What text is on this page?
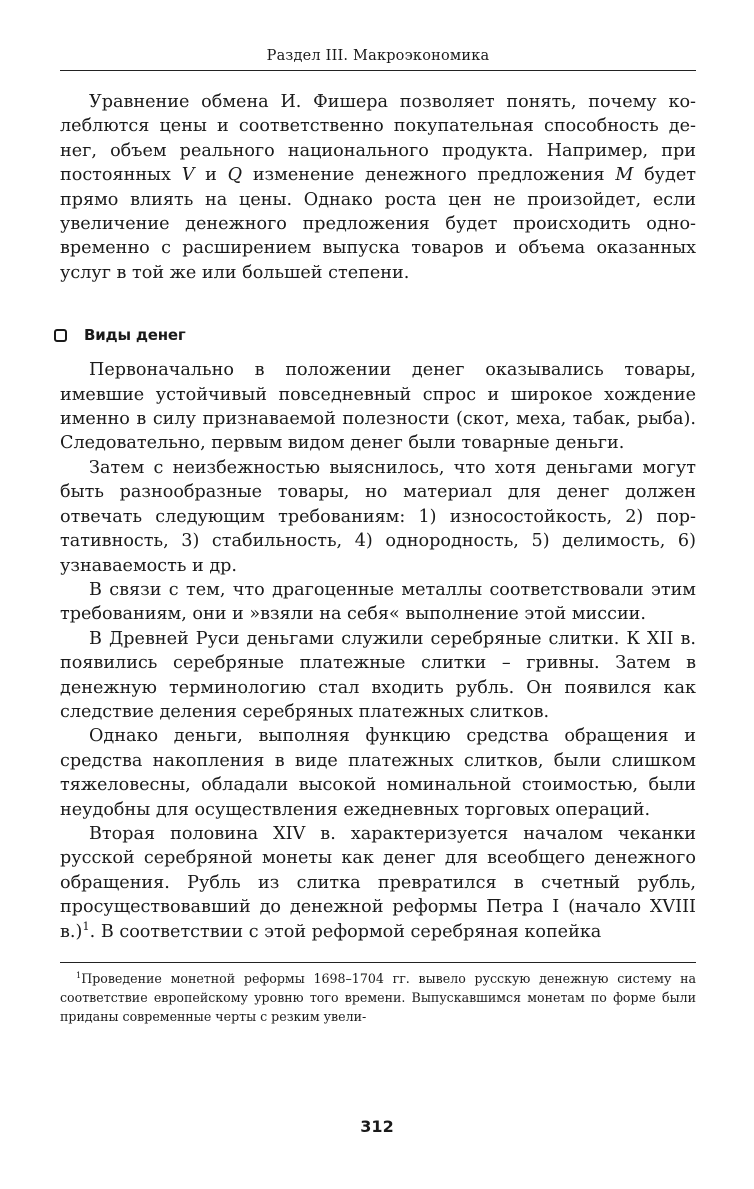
Раздел III. Макроэкономика

Уравнение обмена И. Фишера позволяет понять, почему колеблются цены и соответственно покупательная способность денег, объем реального национального продукта. Например, при постоянных V и Q изменение денежного предложения M будет прямо влиять на цены. Однако роста цен не произойдет, если увеличение денежного предложения будет происходить одновременно с расширением выпуска товаров и объема оказанных услуг в той же или большей степени.

Виды денег

Первоначально в положении денег оказывались товары, имевшие устойчивый повседневный спрос и широкое хождение именно в силу признаваемой полезности (скот, меха, табак, рыба). Следовательно, первым видом денег были товарные деньги.

Затем с неизбежностью выяснилось, что хотя деньгами могут быть разнообразные товары, но материал для денег должен отвечать следующим требованиям: 1) износостойкость, 2) портативность, 3) стабильность, 4) однородность, 5) делимость, 6) узнаваемость и др.

В связи с тем, что драгоценные металлы соответствовали этим требованиям, они и »взяли на себя« выполнение этой миссии.

В Древней Руси деньгами служили серебряные слитки. К XII в. появились серебряные платежные слитки – гривны. Затем в денежную терминологию стал входить рубль. Он появился как следствие деления серебряных платежных слитков.

Однако деньги, выполняя функцию средства обращения и средства накопления в виде платежных слитков, были слишком тяжеловесны, обладали высокой номинальной стоимостью, были неудобны для осуществления ежедневных торговых операций.

Вторая половина XIV в. характеризуется началом чеканки русской серебряной монеты как денег для всеобщего денежного обращения. Рубль из слитка превратился в счетный рубль, просуществовавший до денежной реформы Петра I (начало XVIII в.)$^1$. В соответствии с этой реформой серебряная копейка

$^1$Проведение монетной реформы 1698–1704 гг. вывело русскую денежную систему на соответствие европейскому уровню того времени. Выпускавшимся монетам по форме были приданы современные черты с резким увели-

312
